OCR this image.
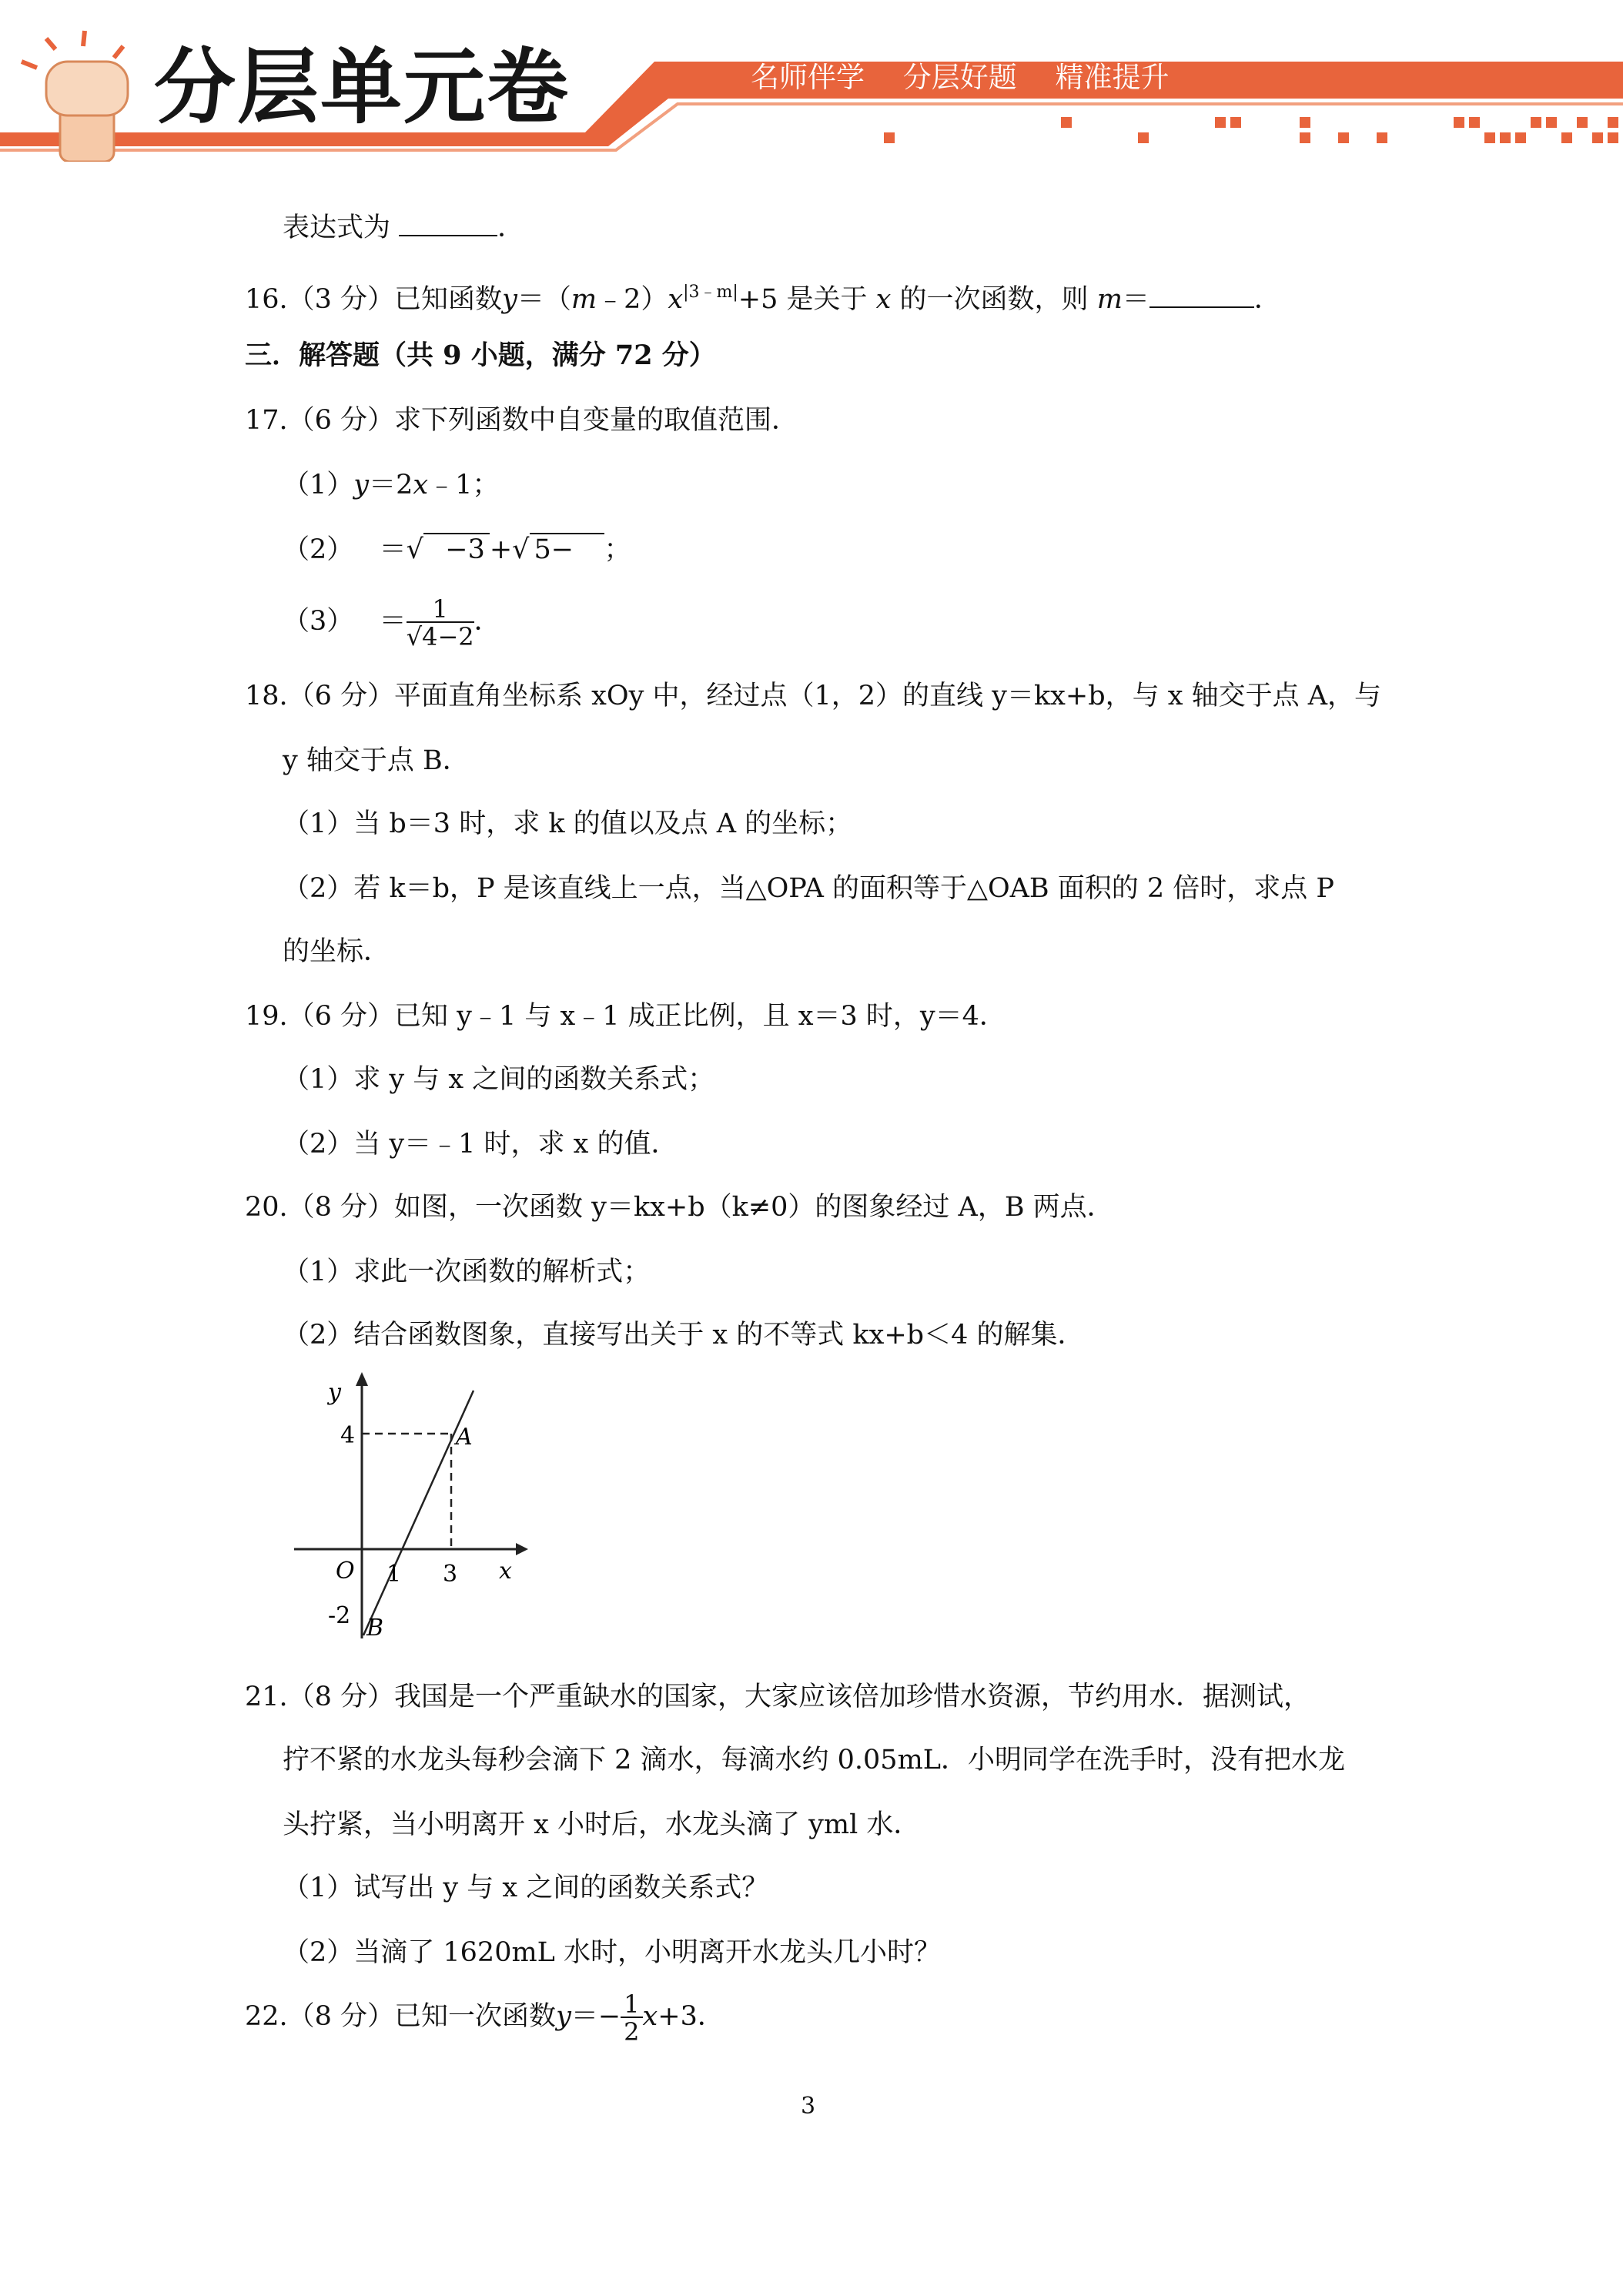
分层单元卷	名师伴学 分层好题 精准提升
表达式为	．
16.（3 分）已知函数$y=(m﹣2)x^{|3﹣m|}+5$ 是关于 x 的一次函数，则 m＝	．
三．解答题（共 9 小题，满分 72 分）
17.（6 分）求下列函数中自变量的取值范围．
（1）y＝2x﹣1；
（2） ＝√ −3 +√ 5− ；
$(3) = \frac{1}{√4-2}$ ．
18.（6 分）平面直角坐标系 xOy 中，经过点（1，2）的直线 y＝kx+b，与 x 轴交于点 A，与
y 轴交于点 B．
（1）当 b＝3 时，求 k 的值以及点 A 的坐标；
（2）若 k＝b，P 是该直线上一点，当△OPA 的面积等于△OAB 面积的 2 倍时，求点 P
的坐标．
19.（6 分）已知 y﹣1 与 x﹣1 成正比例，且 x＝3 时，y＝4．
（1）求 y 与 x 之间的函数关系式；
（2）当 y＝﹣1 时，求 x 的值．
20.（8 分）如图，一次函数 y＝kx+b（k≠0）的图象经过 A，B 两点．
（1）求此一次函数的解析式；
（2）结合函数图象，直接写出关于 x 的不等式 kx+b＜4 的解集．
y
x
O
4
1 3
-2
A
B
21.（8 分）我国是一个严重缺水的国家，大家应该倍加珍惜水资源，节约用水．据测试，
拧不紧的水龙头每秒会滴下 2 滴水，每滴水约 0.05mL．小明同学在洗手时，没有把水龙
头拧紧，当小明离开 x 小时后，水龙头滴了 yml 水．
（1）试写出 y 与 x 之间的函数关系式？
（2）当滴了 1620mL 水时，小明离开水龙头几小时？
22.（8 分）已知一次函数$y=- \frac{1}{2} x+3$．
3
